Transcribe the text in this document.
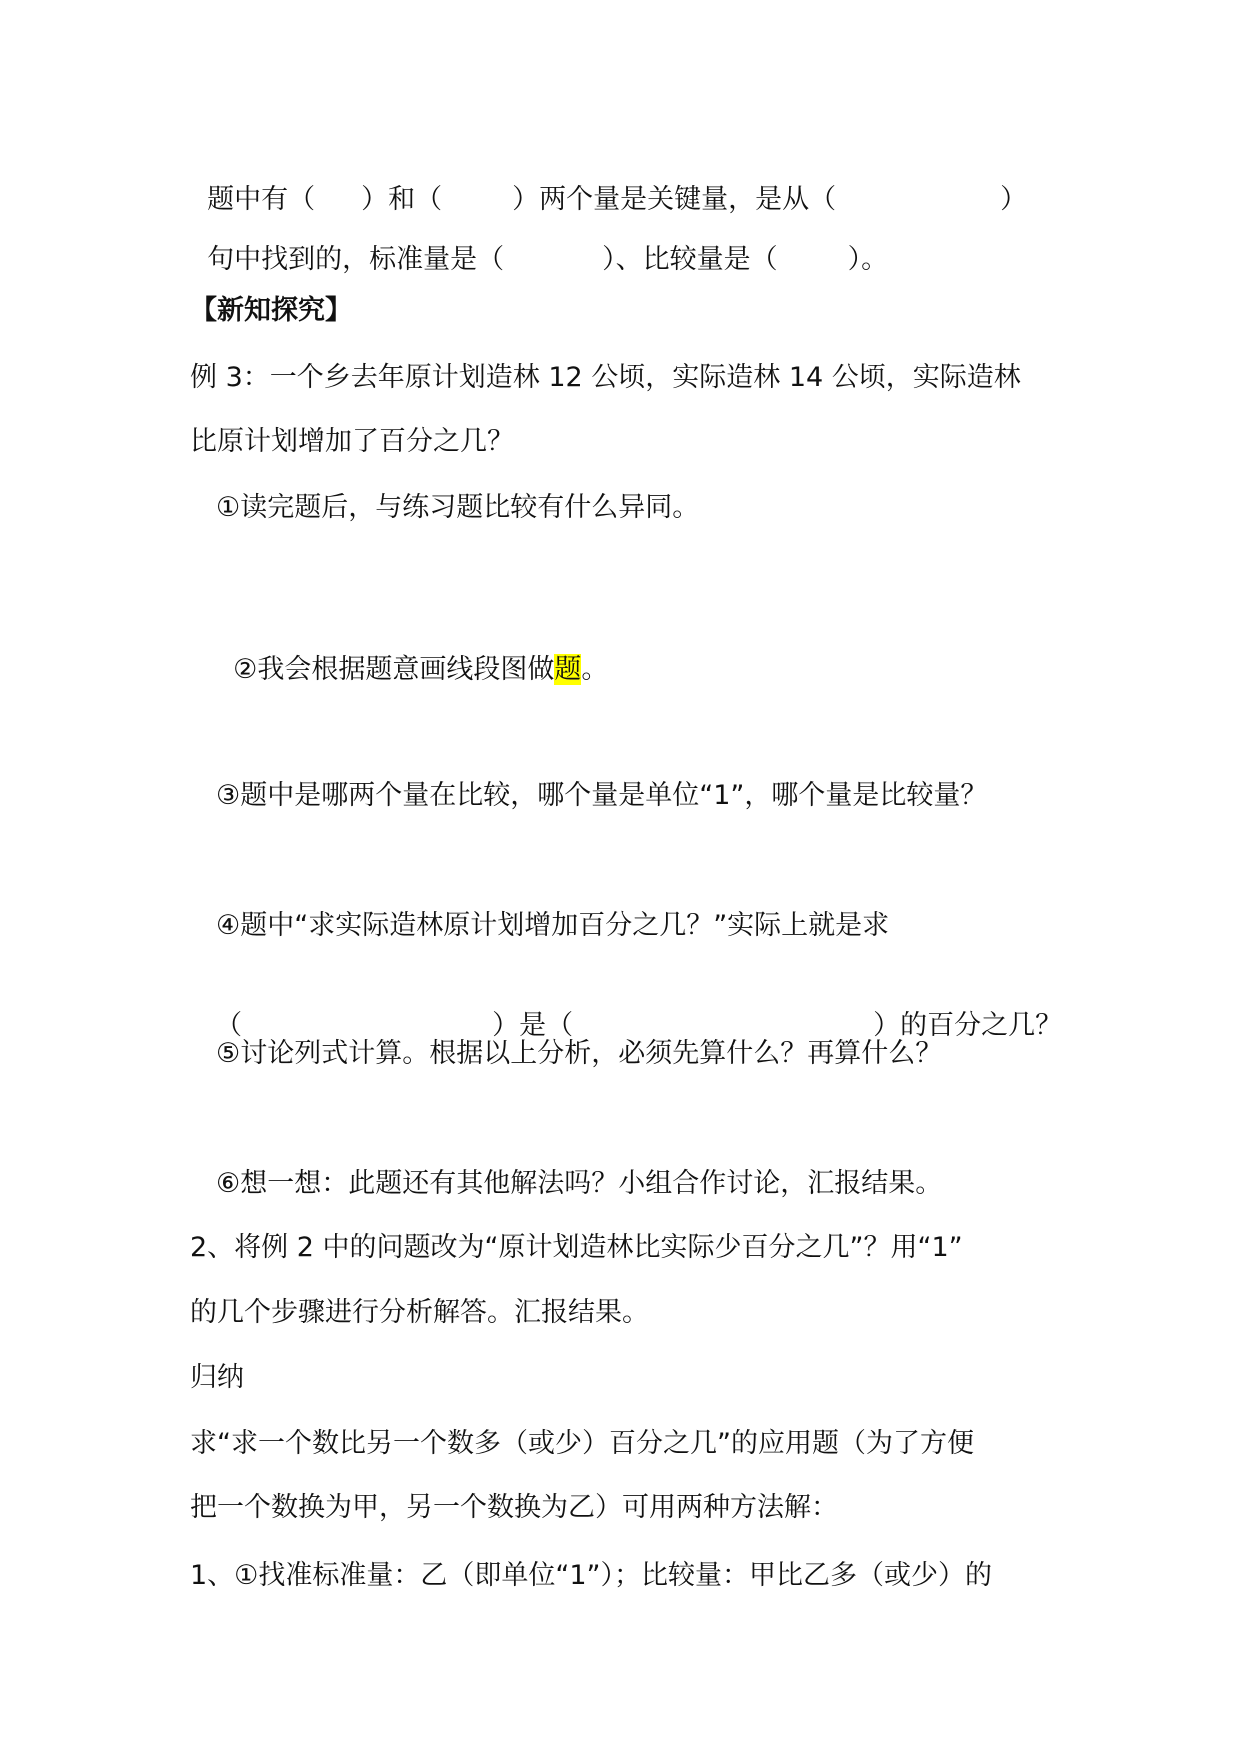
题中有（ ）和（	）两个量是关键量，是从（	）

句中找到的，标准量是（	）、比较量是（	）。

【新知探究】
例 3：一个乡去年原计划造林 12 公顷，实际造林 14 公顷，实际造林
比原计划增加了百分之几？
①读完题后，与练习题比较有什么异同。

②我会根据题意画线段图做题。

③题中是哪两个量在比较，哪个量是单位“1”，哪个量是比较量？
④题中“求实际造林原计划增加百分之几？”实际上就是求

（	）是（	）的百分之几？

⑤讨论列式计算。根据以上分析，必须先算什么？再算什么？
⑥想一想：此题还有其他解法吗？小组合作讨论，汇报结果。
2、将例 2 中的问题改为“原计划造林比实际少百分之几”？用“1”
的几个步骤进行分析解答。汇报结果。
归纳
求“求一个数比另一个数多（或少）百分之几”的应用题（为了方便
把一个数换为甲，另一个数换为乙）可用两种方法解：
1、①找准标准量：乙（即单位“1”）；比较量：甲比乙多（或少）的
